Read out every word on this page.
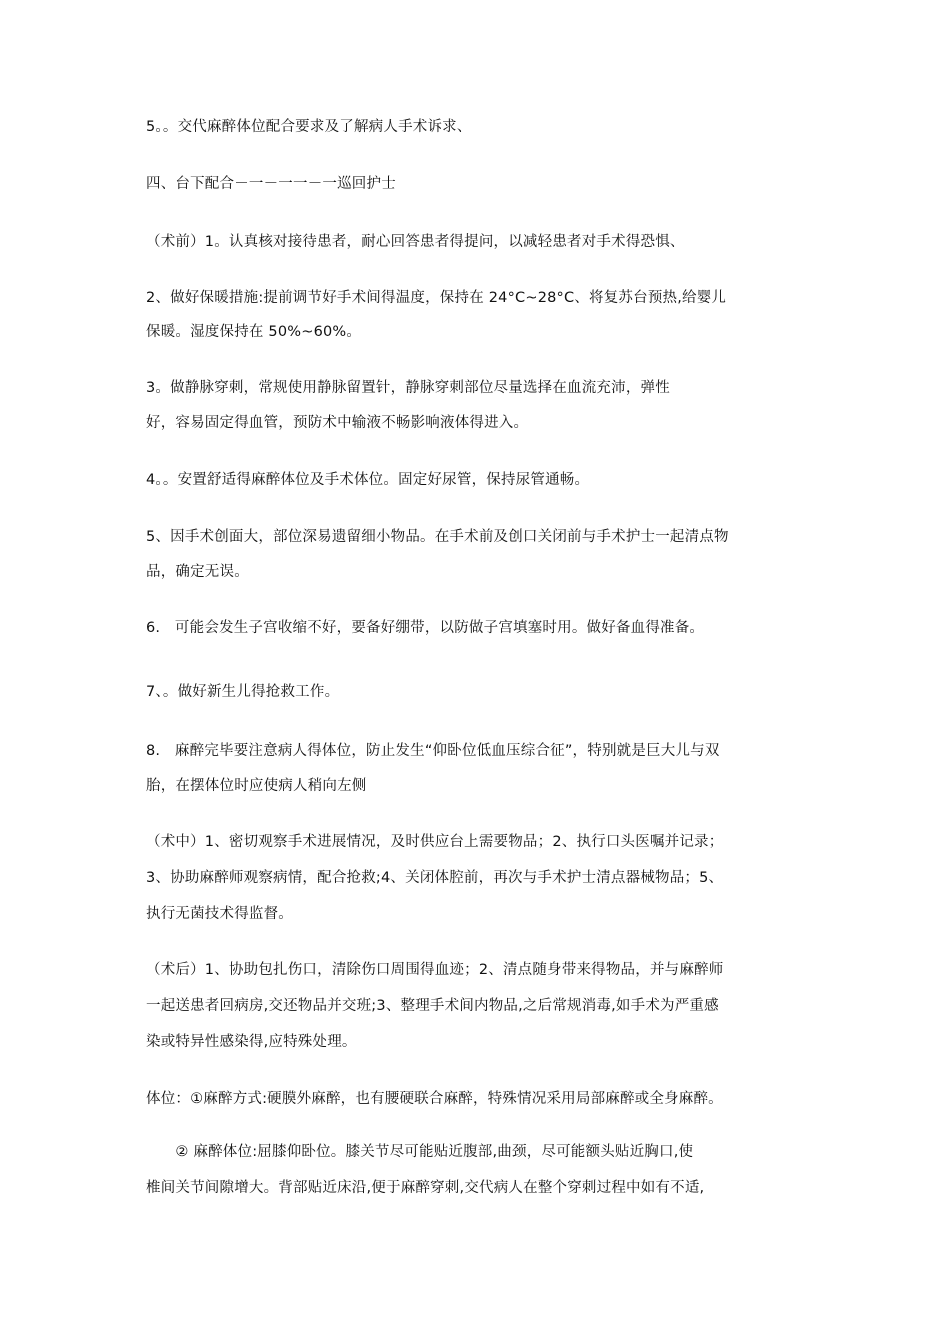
5。。交代麻醉体位配合要求及了解病人手术诉求、
四、台下配合－一－一一－一巡回护士
（术前）1。认真核对接待患者，耐心回答患者得提问，以减轻患者对手术得恐惧、
2、做好保暖措施:提前调节好手术间得温度，保持在 24°C~28°C、将复苏台预热,给婴儿
保暖。湿度保持在 50%~60%。
3。做静脉穿刺，常规使用静脉留置针，静脉穿刺部位尽量选择在血流充沛，弹性
好，容易固定得血管，预防术中输液不畅影响液体得进入。
4。。安置舒适得麻醉体位及手术体位。固定好尿管，保持尿管通畅。
5、因手术创面大，部位深易遗留细小物品。在手术前及创口关闭前与手术护士一起清点物
品，确定无误。
6.　可能会发生子宫收缩不好，要备好绷带，以防做子宫填塞时用。做好备血得准备。
7、。做好新生儿得抢救工作。
8.　麻醉完毕要注意病人得体位，防止发生“仰卧位低血压综合征”，特别就是巨大儿与双
胎，在摆体位时应使病人稍向左侧
（术中）1、密切观察手术进展情况，及时供应台上需要物品；2、执行口头医嘱并记录；
3、协助麻醉师观察病情，配合抢救;4、关闭体腔前，再次与手术护士清点器械物品；5、
执行无菌技术得监督。
（术后）1、协助包扎伤口，清除伤口周围得血迹；2、清点随身带来得物品，并与麻醉师
一起送患者回病房,交还物品并交班;3、整理手术间内物品,之后常规消毒,如手术为严重感
染或特异性感染得,应特殊处理。
体位：①麻醉方式:硬膜外麻醉，也有腰硬联合麻醉，特殊情况采用局部麻醉或全身麻醉。
　　② 麻醉体位:屈膝仰卧位。膝关节尽可能贴近腹部,曲颈，尽可能额头贴近胸口,使
椎间关节间隙增大。背部贴近床沿,便于麻醉穿刺,交代病人在整个穿刺过程中如有不适,
